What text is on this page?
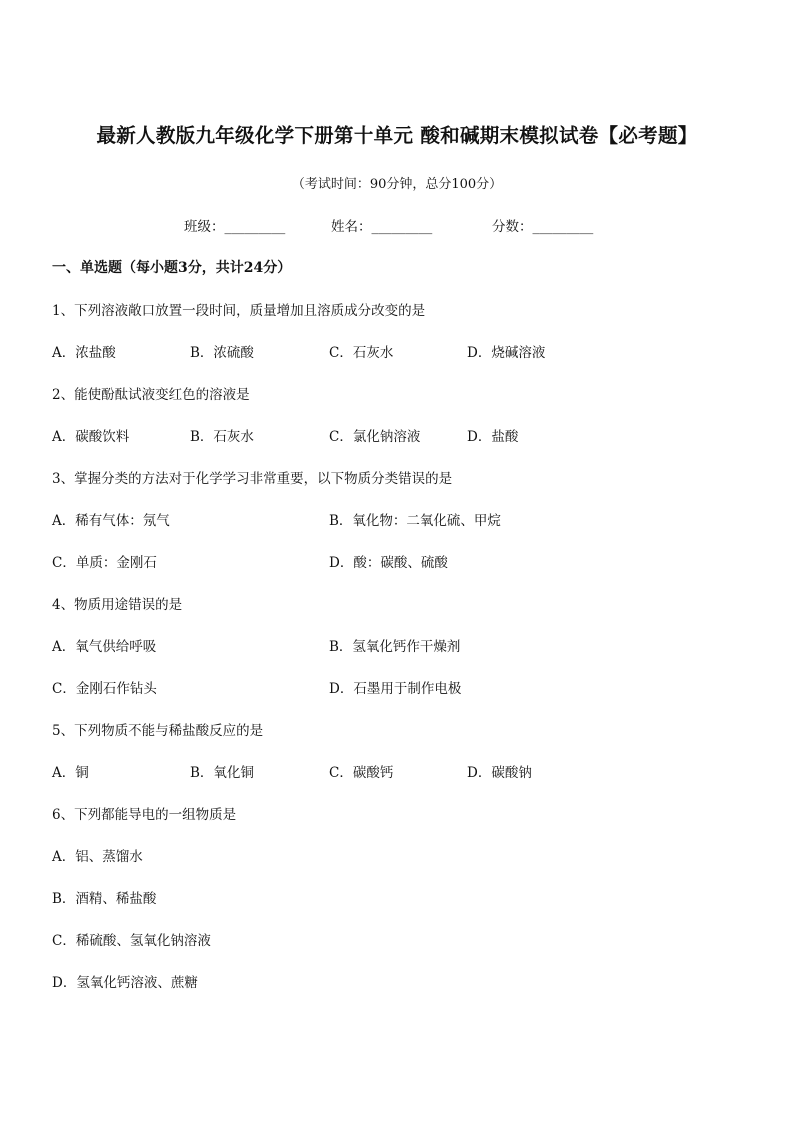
最新人教版九年级化学下册第十单元 酸和碱期末模拟试卷【必考题】
（考试时间：90分钟，总分100分）
班级：_________	姓名：_________	分数：_________
一、单选题（每小题3分，共计24分）
1、下列溶液敞口放置一段时间，质量增加且溶质成分改变的是
A．浓盐酸	B．浓硫酸	C．石灰水	D．烧碱溶液
2、能使酚酞试液变红色的溶液是
A．碳酸饮料	B．石灰水	C．氯化钠溶液	D．盐酸
3、掌握分类的方法对于化学学习非常重要，以下物质分类错误的是
A．稀有气体：氖气	B．氧化物：二氧化硫、甲烷
C．单质：金刚石	D．酸：碳酸、硫酸
4、物质用途错误的是
A．氧气供给呼吸	B．氢氧化钙作干燥剂
C．金刚石作钻头	D．石墨用于制作电极
5、下列物质不能与稀盐酸反应的是
A．铜	B．氧化铜	C．碳酸钙	D．碳酸钠
6、下列都能导电的一组物质是
A．铝、蒸馏水
B．酒精、稀盐酸
C．稀硫酸、氢氧化钠溶液
D．氢氧化钙溶液、蔗糖
